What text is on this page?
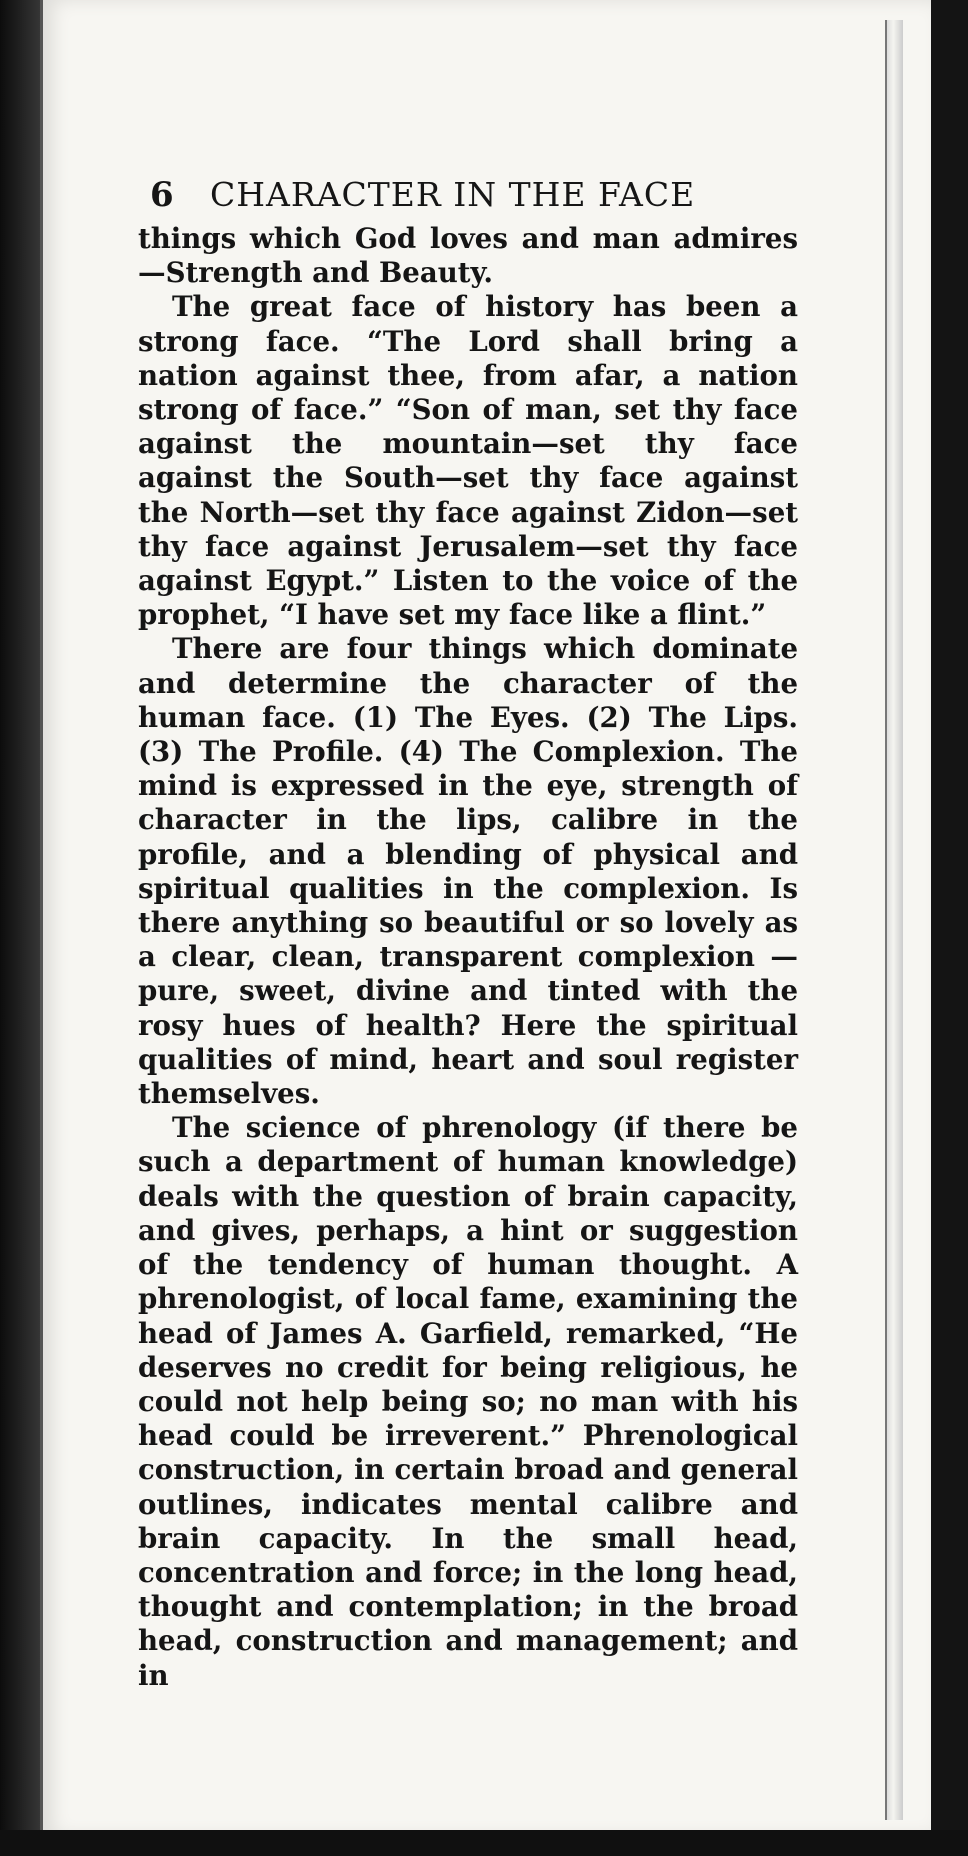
6	CHARACTER IN THE FACE

things which God loves and man admires —Strength and Beauty.

The great face of history has been a strong face. “The Lord shall bring a nation against thee, from afar, a nation strong of face.” “Son of man, set thy face against the mountain—set thy face against the South—set thy face against the North—set thy face against Zidon—set thy face against Jerusalem—set thy face against Egypt.” Listen to the voice of the prophet, “I have set my face like a flint.”

There are four things which dominate and determine the character of the human face. (1) The Eyes. (2) The Lips. (3) The Profile. (4) The Complexion. The mind is expressed in the eye, strength of character in the lips, calibre in the profile, and a blending of physical and spiritual qualities in the complexion. Is there anything so beautiful or so lovely as a clear, clean, transparent complexion — pure, sweet, divine and tinted with the rosy hues of health? Here the spiritual qualities of mind, heart and soul register themselves.

The science of phrenology (if there be such a department of human knowledge) deals with the question of brain capacity, and gives, perhaps, a hint or suggestion of the tendency of human thought. A phrenologist, of local fame, examining the head of James A. Garfield, remarked, “He deserves no credit for being religious, he could not help being so; no man with his head could be irreverent.” Phrenological construction, in certain broad and general outlines, indicates mental calibre and brain capacity. In the small head, concentration and force; in the long head, thought and contemplation; in the broad head, construction and management; and in
